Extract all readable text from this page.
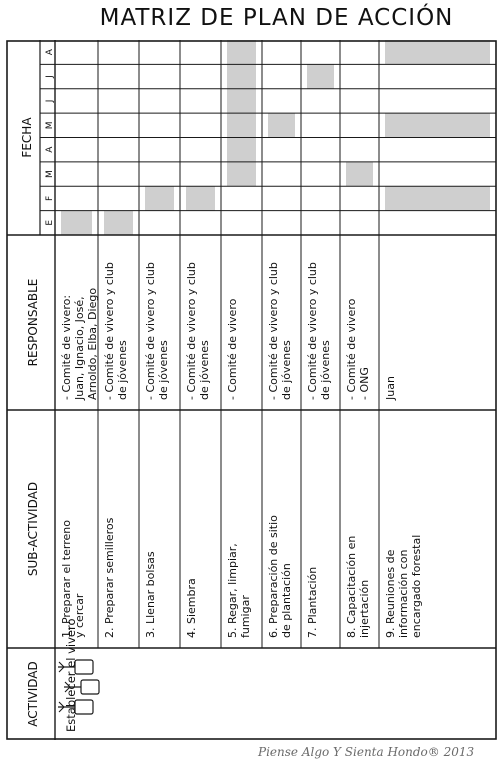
MATRIZ DE PLAN DE ACCIÓN
ACTIVIDAD
SUB-ACTIVIDAD
RESPONSABLE
FECHA
E
F
M
A
M
J
J
A
Establecer el vivero
1. Preparar el terreno y cercar
- Comité de vivero: Juan, Ignacio, José, Arnoldo, Elba, Diego
2. Preparar semilleros
- Comité de vivero y club de jóvenes
3. Llenar bolsas
- Comité de vivero y club de jóvenes
4. Siembra
- Comité de vivero y club de jóvenes
5. Regar, limpiar, fumigar
- Comité de vivero
6. Preparación de sitio de plantación
- Comité de vivero y club de jóvenes
7. Plantación
- Comité de vivero y club de jóvenes
8. Capacitación en injertación
- Comité de vivero - ONG
9. Reuniones de información con encargado forestal
Juan
Piense Algo Y Sienta Hondo® 2013
